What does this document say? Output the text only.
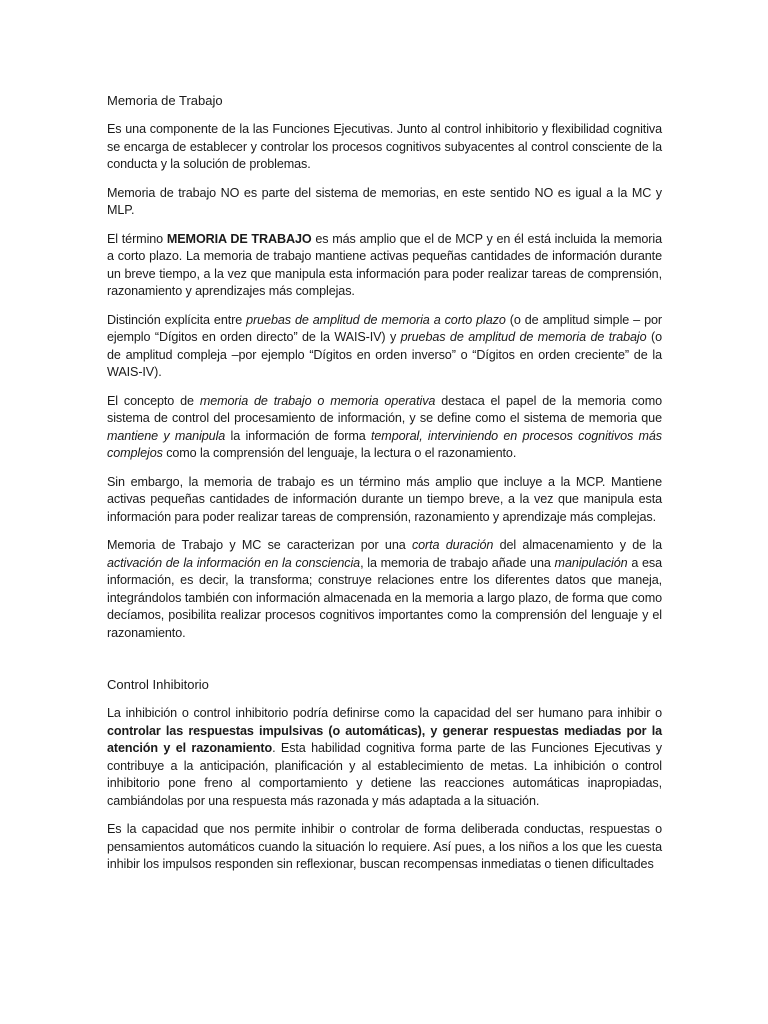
Memoria de Trabajo

Es una componente de la las Funciones Ejecutivas. Junto al control inhibitorio y flexibilidad cognitiva se encarga de establecer y controlar los procesos cognitivos subyacentes al control consciente de la conducta y la solución de problemas.

Memoria de trabajo NO es parte del sistema de memorias, en este sentido NO es igual a la MC y MLP.

El término MEMORIA DE TRABAJO es más amplio que el de MCP y en él está incluida la memoria a corto plazo. La memoria de trabajo mantiene activas pequeñas cantidades de información durante un breve tiempo, a la vez que manipula esta información para poder realizar tareas de comprensión, razonamiento y aprendizajes más complejas.

Distinción explícita entre pruebas de amplitud de memoria a corto plazo (o de amplitud simple – por ejemplo “Dígitos en orden directo” de la WAIS-IV) y pruebas de amplitud de memoria de trabajo (o de amplitud compleja –por ejemplo “Dígitos en orden inverso” o “Dígitos en orden creciente” de la WAIS-IV).

El concepto de memoria de trabajo o memoria operativa destaca el papel de la memoria como sistema de control del procesamiento de información, y se define como el sistema de memoria que mantiene y manipula la información de forma temporal, interviniendo en procesos cognitivos más complejos como la comprensión del lenguaje, la lectura o el razonamiento.

Sin embargo, la memoria de trabajo es un término más amplio que incluye a la MCP. Mantiene activas pequeñas cantidades de información durante un tiempo breve, a la vez que manipula esta información para poder realizar tareas de comprensión, razonamiento y aprendizaje más complejas.

Memoria de Trabajo y MC se caracterizan por una corta duración del almacenamiento y de la activación de la información en la consciencia, la memoria de trabajo añade una manipulación a esa información, es decir, la transforma; construye relaciones entre los diferentes datos que maneja, integrándolos también con información almacenada en la memoria a largo plazo, de forma que como decíamos, posibilita realizar procesos cognitivos importantes como la comprensión del lenguaje y el razonamiento.

Control Inhibitorio

La inhibición o control inhibitorio podría definirse como la capacidad del ser humano para inhibir o controlar las respuestas impulsivas (o automáticas), y generar respuestas mediadas por la atención y el razonamiento. Esta habilidad cognitiva forma parte de las Funciones Ejecutivas y contribuye a la anticipación, planificación y al establecimiento de metas. La inhibición o control inhibitorio pone freno al comportamiento y detiene las reacciones automáticas inapropiadas, cambiándolas por una respuesta más razonada y más adaptada a la situación.

Es la capacidad que nos permite inhibir o controlar de forma deliberada conductas, respuestas o pensamientos automáticos cuando la situación lo requiere. Así pues, a los niños a los que les cuesta inhibir los impulsos responden sin reflexionar, buscan recompensas inmediatas o tienen dificultades
